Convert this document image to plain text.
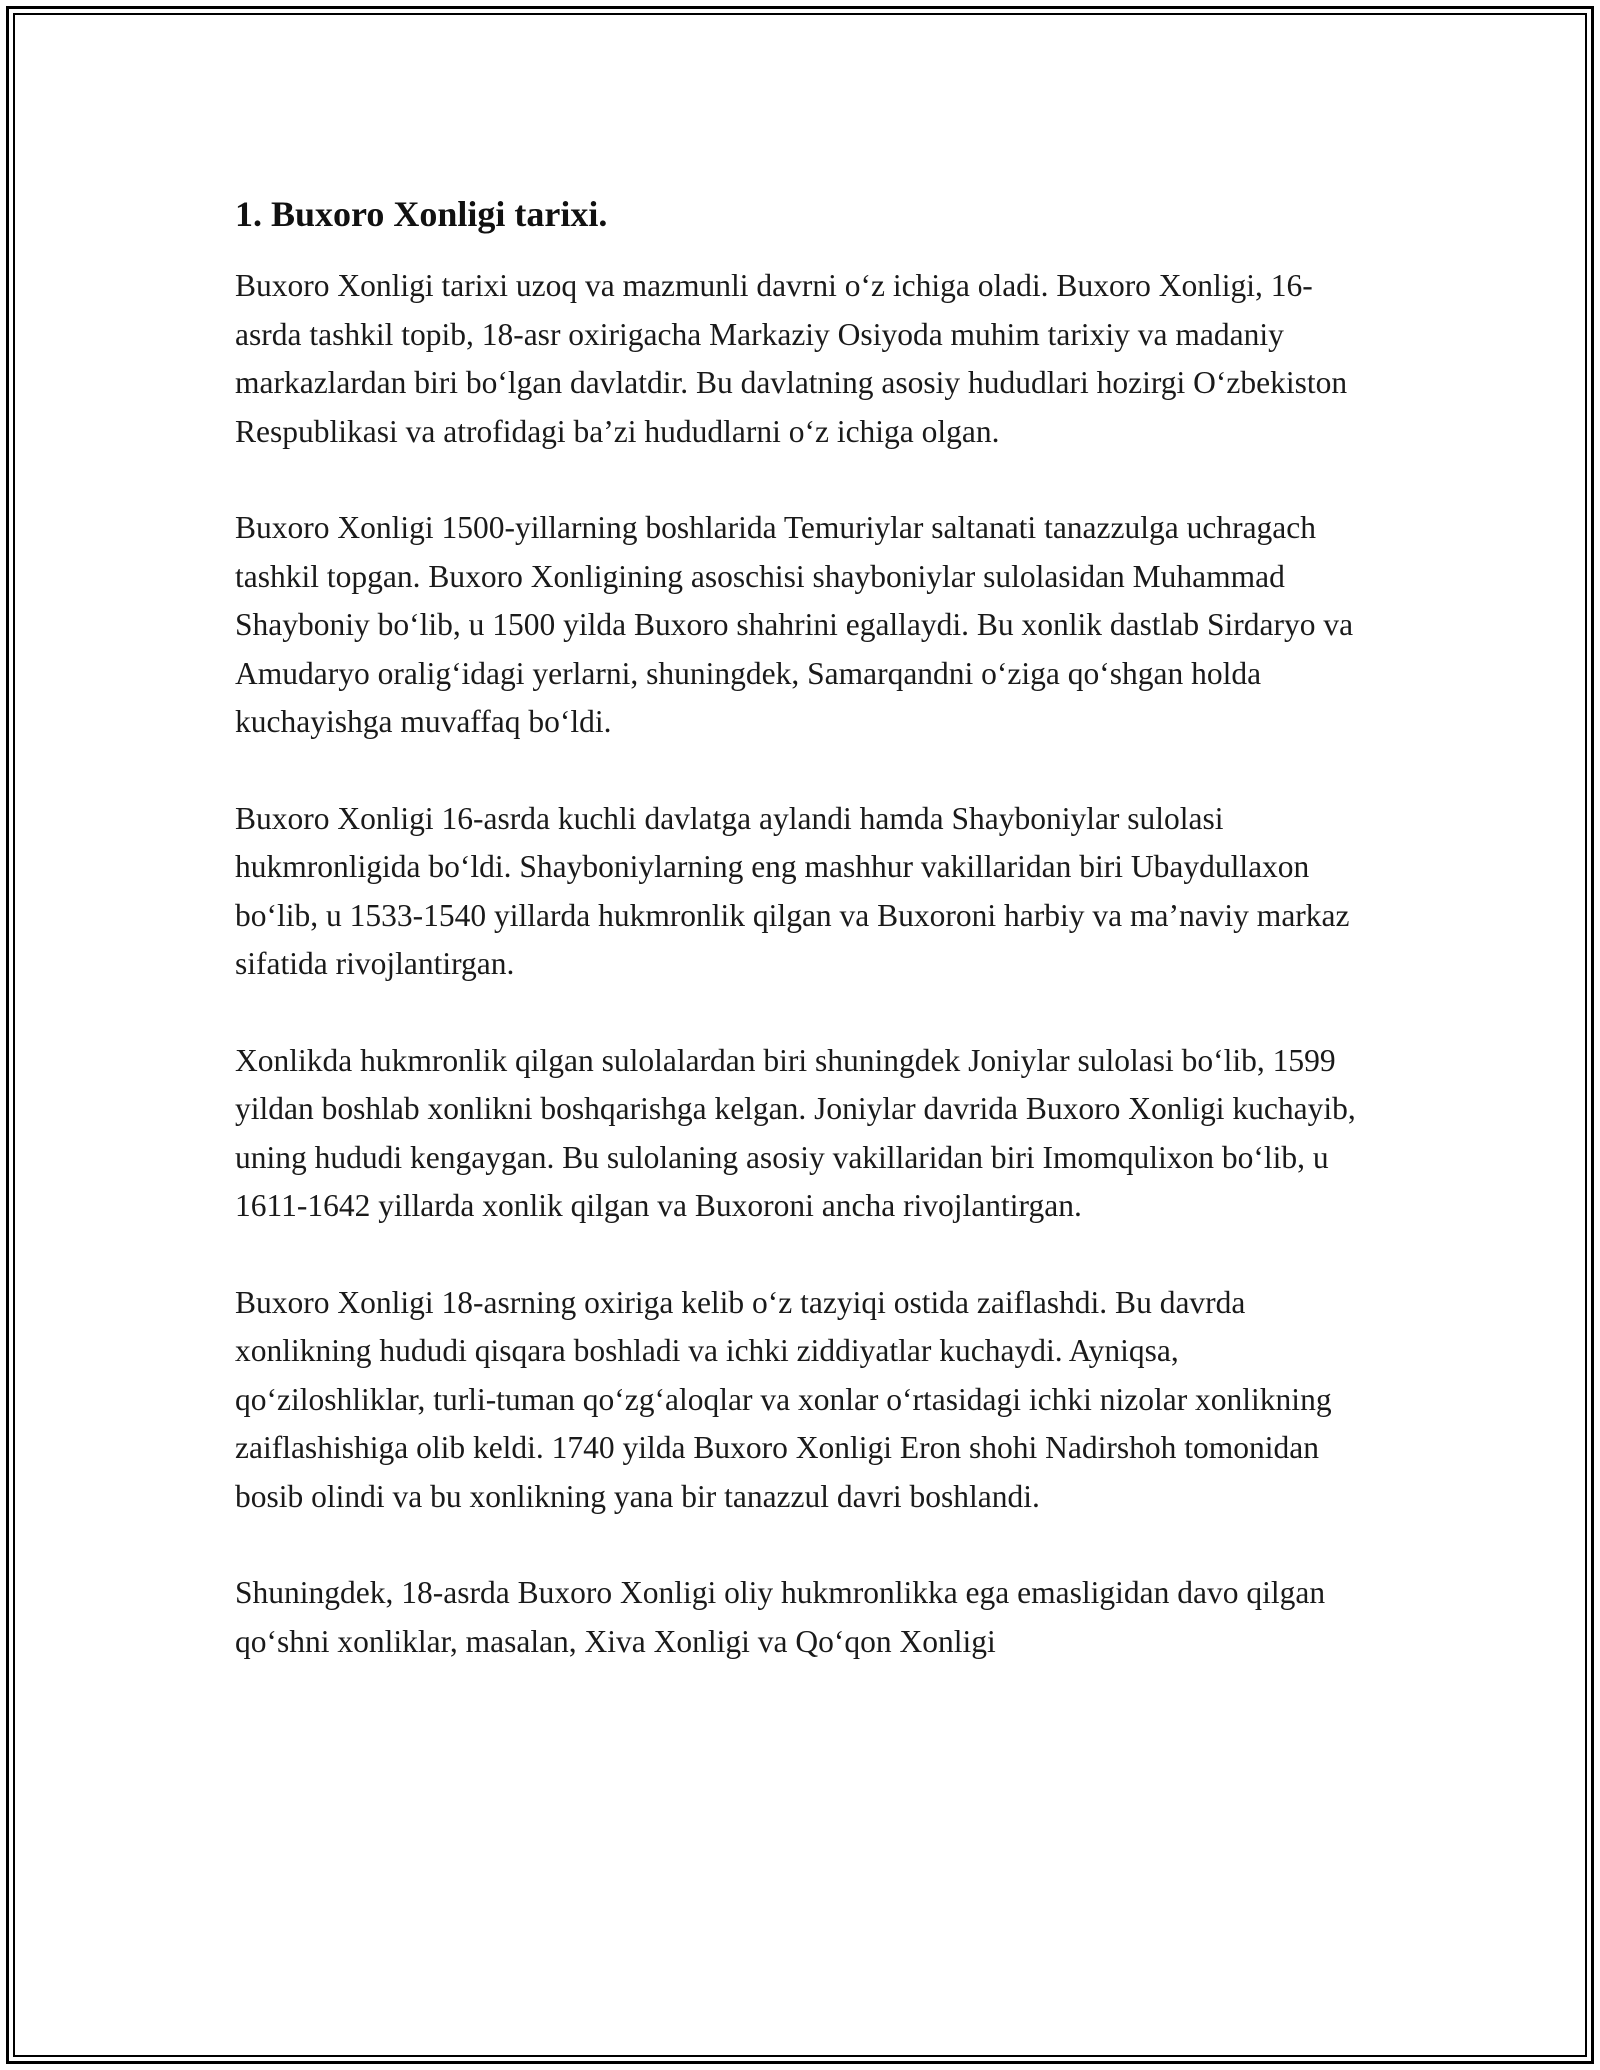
1. Buxoro Xonligi tarixi.

Buxoro Xonligi tarixi uzoq va mazmunli davrni o‘z ichiga oladi. Buxoro Xonligi, 16-asrda tashkil topib, 18-asr oxirigacha Markaziy Osiyoda muhim tarixiy va madaniy markazlardan biri bo‘lgan davlatdir. Bu davlatning asosiy hududlari hozirgi O‘zbekiston Respublikasi va atrofidagi ba’zi hududlarni o‘z ichiga olgan.

Buxoro Xonligi 1500-yillarning boshlarida Temuriylar saltanati tanazzulga uchragach tashkil topgan. Buxoro Xonligining asoschisi shayboniylar sulolasidan Muhammad Shayboniy bo‘lib, u 1500 yilda Buxoro shahrini egallaydi. Bu xonlik dastlab Sirdaryo va Amudaryo oralig‘idagi yerlarni, shuningdek, Samarqandni o‘ziga qo‘shgan holda kuchayishga muvaffaq bo‘ldi.

Buxoro Xonligi 16-asrda kuchli davlatga aylandi hamda Shayboniylar sulolasi hukmronligida bo‘ldi. Shayboniylarning eng mashhur vakillaridan biri Ubaydullaxon bo‘lib, u 1533-1540 yillarda hukmronlik qilgan va Buxoroni harbiy va ma’naviy markaz sifatida rivojlantirgan.

Xonlikda hukmronlik qilgan sulolalardan biri shuningdek Joniylar sulolasi bo‘lib, 1599 yildan boshlab xonlikni boshqarishga kelgan. Joniylar davrida Buxoro Xonligi kuchayib, uning hududi kengaygan. Bu sulolaning asosiy vakillaridan biri Imomqulixon bo‘lib, u 1611-1642 yillarda xonlik qilgan va Buxoroni ancha rivojlantirgan.

Buxoro Xonligi 18-asrning oxiriga kelib o‘z tazyiqi ostida zaiflashdi. Bu davrda xonlikning hududi qisqara boshladi va ichki ziddiyatlar kuchaydi. Ayniqsa, qo‘ziloshliklar, turli-tuman qo‘zg‘aloqlar va xonlar o‘rtasidagi ichki nizolar xonlikning zaiflashishiga olib keldi. 1740 yilda Buxoro Xonligi Eron shohi Nadirshoh tomonidan bosib olindi va bu xonlikning yana bir tanazzul davri boshlandi.

Shuningdek, 18-asrda Buxoro Xonligi oliy hukmronlikka ega emasligidan davo qilgan qo‘shni xonliklar, masalan, Xiva Xonligi va Qo‘qon Xonligi
